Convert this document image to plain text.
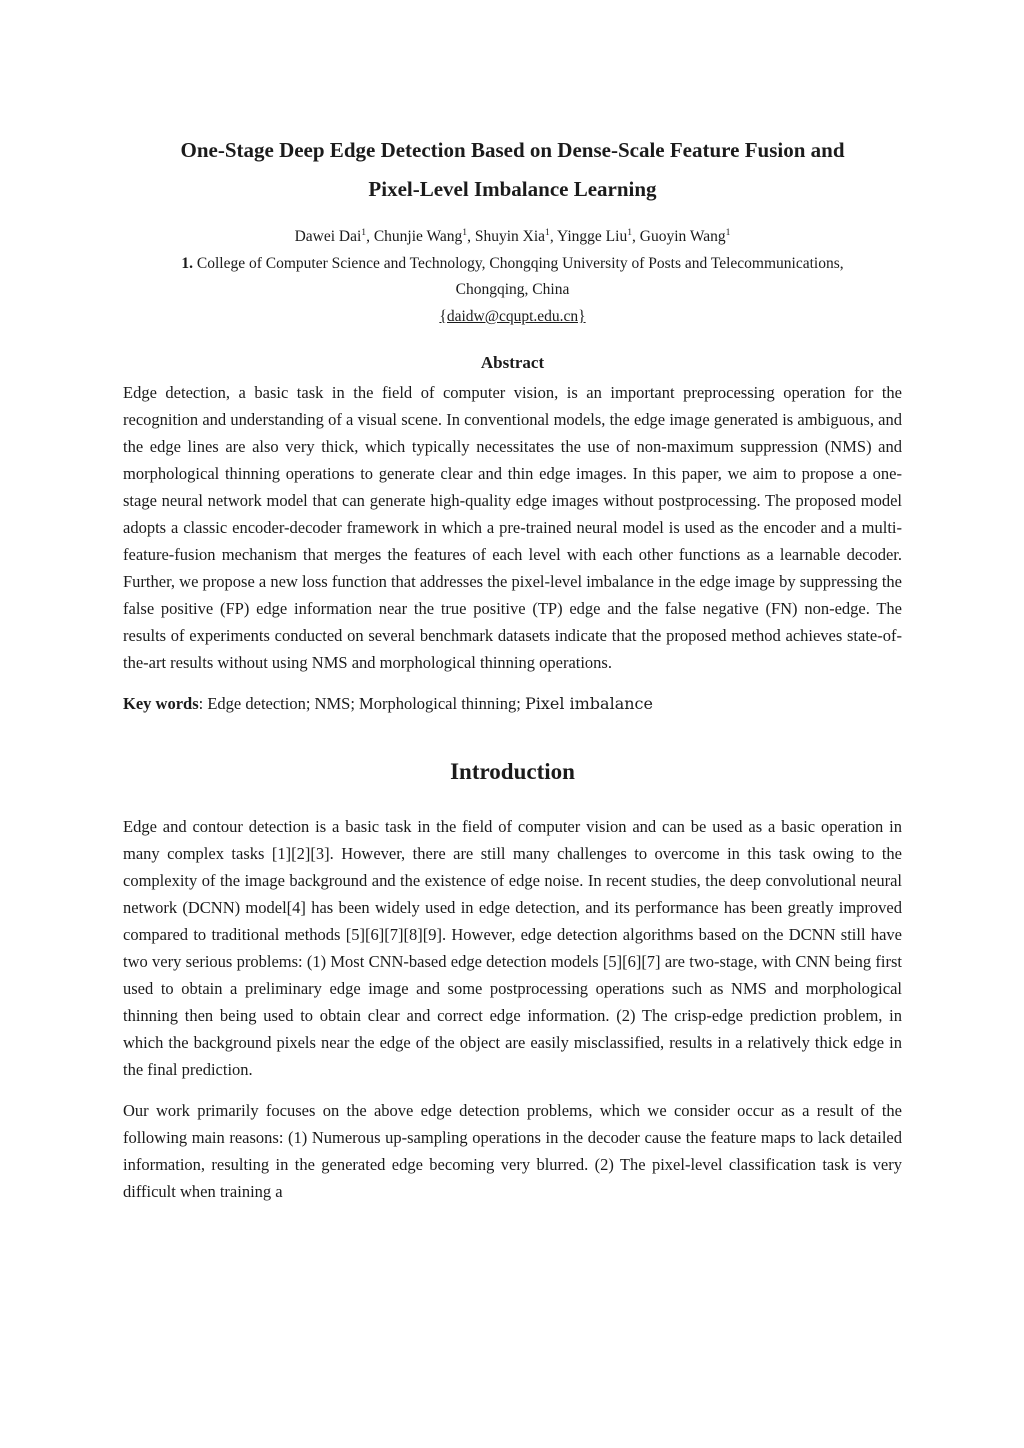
One-Stage Deep Edge Detection Based on Dense-Scale Feature Fusion and
Pixel-Level Imbalance Learning
Dawei Dai$^1$, Chunjie Wang$^1$, Shuyin Xia$^1$, Yingge Liu$^1$, Guoyin Wang$^1$
1. College of Computer Science and Technology, Chongqing University of Posts and Telecommunications,
Chongqing, China
{daidw@cqupt.edu.cn}
Abstract

Edge detection, a basic task in the field of computer vision, is an important preprocessing operation for the recognition and understanding of a visual scene. In conventional models, the edge image generated is ambiguous, and the edge lines are also very thick, which typically necessitates the use of non-maximum suppression (NMS) and morphological thinning operations to generate clear and thin edge images. In this paper, we aim to propose a one-stage neural network model that can generate high-quality edge images without postprocessing. The proposed model adopts a classic encoder-decoder framework in which a pre-trained neural model is used as the encoder and a multi-feature-fusion mechanism that merges the features of each level with each other functions as a learnable decoder. Further, we propose a new loss function that addresses the pixel-level imbalance in the edge image by suppressing the false positive (FP) edge information near the true positive (TP) edge and the false negative (FN) non-edge. The results of experiments conducted on several benchmark datasets indicate that the proposed method achieves state-of-the-art results without using NMS and morphological thinning operations.

Key words: Edge detection; NMS; Morphological thinning; Pixel imbalance

Introduction

Edge and contour detection is a basic task in the field of computer vision and can be used as a basic operation in many complex tasks [1][2][3]. However, there are still many challenges to overcome in this task owing to the complexity of the image background and the existence of edge noise. In recent studies, the deep convolutional neural network (DCNN) model[4] has been widely used in edge detection, and its performance has been greatly improved compared to traditional methods [5][6][7][8][9]. However, edge detection algorithms based on the DCNN still have two very serious problems: (1) Most CNN-based edge detection models [5][6][7] are two-stage, with CNN being first used to obtain a preliminary edge image and some postprocessing operations such as NMS and morphological thinning then being used to obtain clear and correct edge information. (2) The crisp-edge prediction problem, in which the background pixels near the edge of the object are easily misclassified, results in a relatively thick edge in the final prediction.

Our work primarily focuses on the above edge detection problems, which we consider occur as a result of the following main reasons: (1) Numerous up-sampling operations in the decoder cause the feature maps to lack detailed information, resulting in the generated edge becoming very blurred. (2) The pixel-level classification task is very difficult when training a
